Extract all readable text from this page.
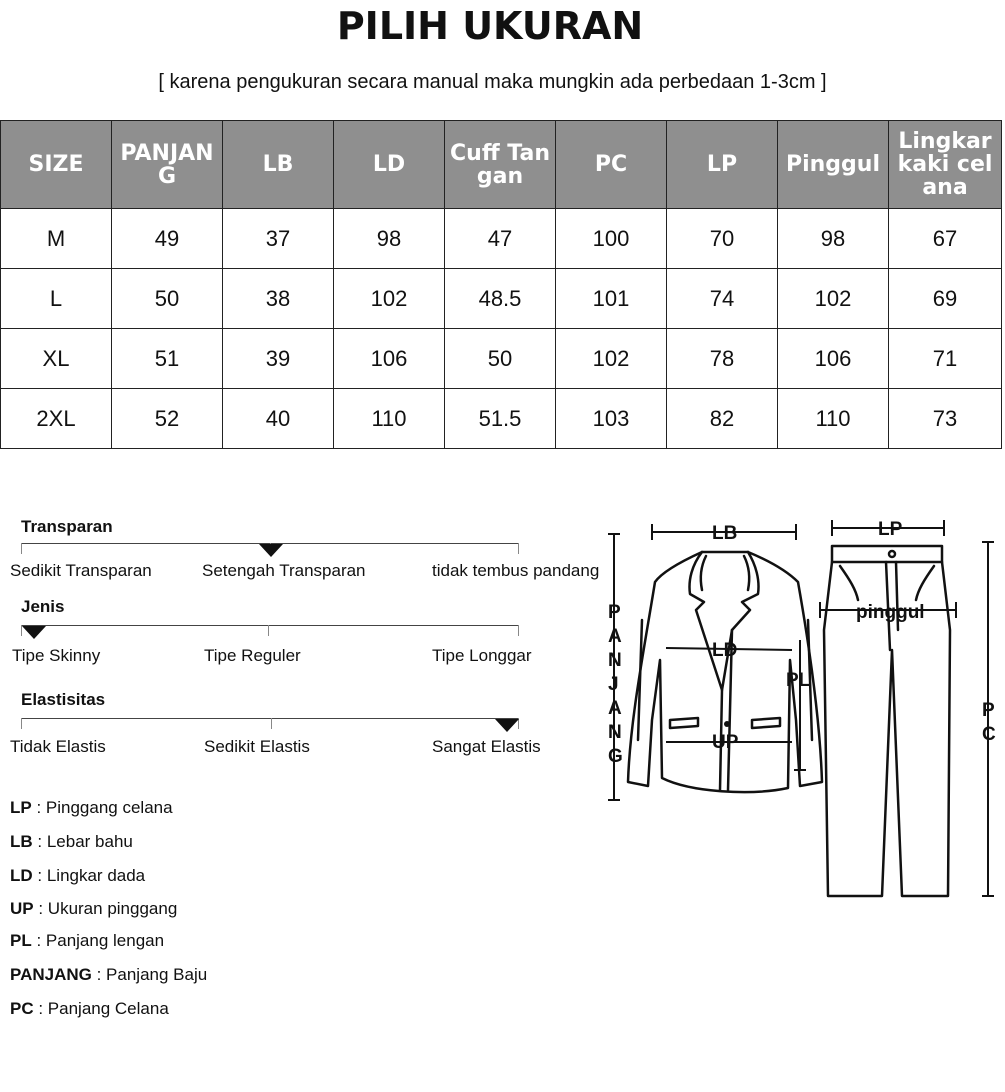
PILIH UKURAN
[ karena pengukuran secara manual maka mungkin ada perbedaan 1-3cm ]
SIZE	PANJANG	LB	LD	Cuff Tangan	PC	LP	Pinggul	Lingkar kaki celana
M	49	37	98	47	100	70	98	67
L	50	38	102	48.5	101	74	102	69
XL	51	39	106	50	102	78	106	71
2XL	52	40	110	51.5	103	82	110	73
Transparan
Sedikit Transparan	Setengah Transparan	tidak tembus pandang
Jenis
Tipe Skinny	Tipe Reguler	Tipe Longgar
Elastisitas
Tidak Elastis	Sedikit Elastis	Sangat Elastis
LP : Pinggang celana
LB : Lebar bahu
LD : Lingkar dada
UP : Ukuran pinggang
PL : Panjang lengan
PANJANG : Panjang Baju
PC : Panjang Celana
LB	LP
pinggul
LD
PL
UP
P
A
N
J
A
N
G
P
C
